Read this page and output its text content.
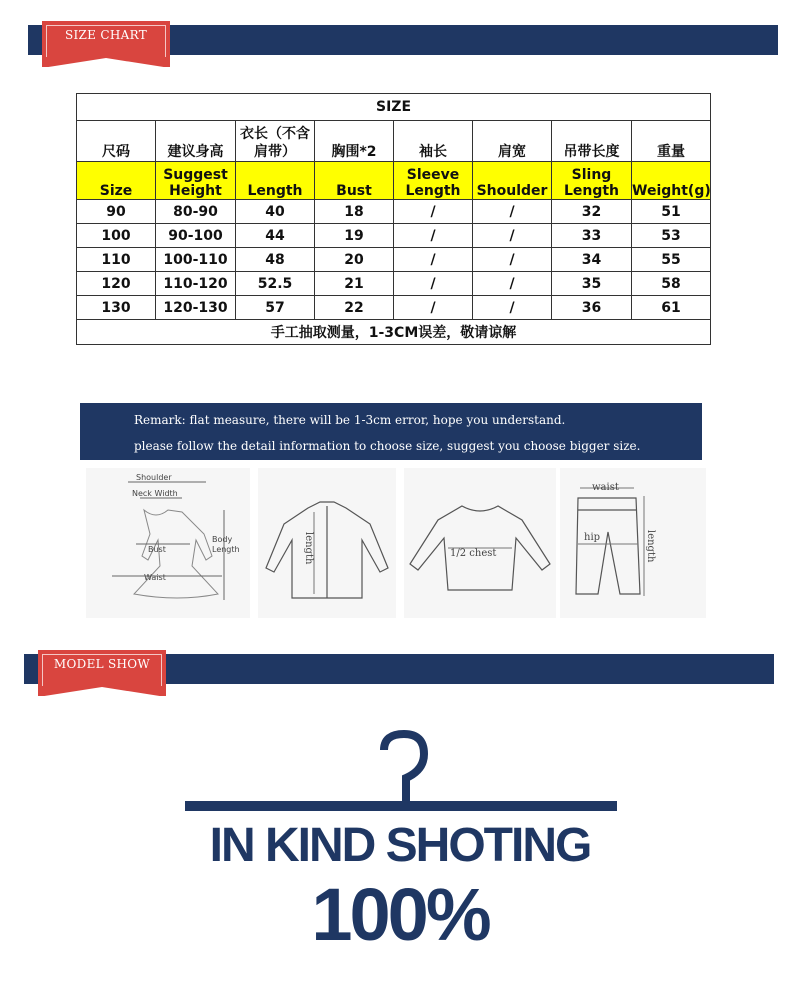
SIZE CHART
SIZE							
尺码	建议身高	衣长（不含肩带）	胸围*2	袖长	肩宽	吊带长度	重量
Size	Suggest Height	Length	Bust	Sleeve Length	Shoulder	Sling Length	Weight(g)
90	80-90	40	18	/	/	32	51
100	90-100	44	19	/	/	33	53
110	100-110	48	20	/	/	34	55
120	110-120	52.5	21	/	/	35	58
130	120-130	57	22	/	/	36	61
手工抽取测量，1-3CM误差，敬请谅解							
Remark: flat measure, there will be 1-3cm error, hope you understand.
please follow the detail information to choose size, suggest you choose bigger size.
Shoulder
Neck Width
Bust
Waist
Body
Length	length	1/2 chest
waist
hip	length
MODEL SHOW
IN KIND SHOTING
100%
